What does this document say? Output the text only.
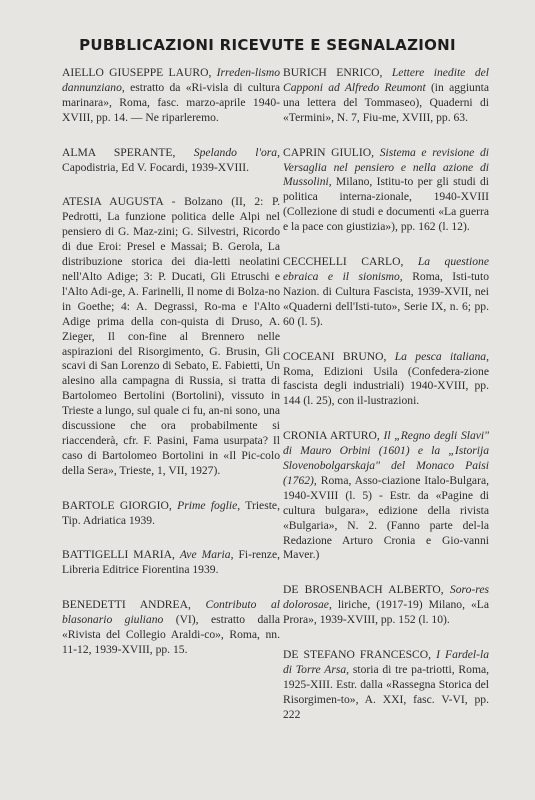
PUBBLICAZIONI RICEVUTE E SEGNALAZIONI

AIELLO GIUSEPPE LAURO, Irreden-lismo dannunziano, estratto da «Ri-visla di cultura marinara», Roma, fasc. marzo-aprile 1940-XVIII, pp. 14. — Ne riparleremo.

ALMA SPERANTE, Spelando l'ora, Capodistria, Ed V. Focardi, 1939-XVIII.

ATESIA AUGUSTA - Bolzano (II, 2: P. Pedrotti, La funzione politica delle Alpi nel pensiero di G. Maz-zini; G. Silvestri, Ricordo di due Eroi: Presel e Massai; B. Gerola, La distribuzione storica dei dia-letti neolatini nell'Alto Adige; 3: P. Ducati, Gli Etruschi e l'Alto Adi-ge, A. Farinelli, Il nome di Bolza-no in Goethe; 4: A. Degrassi, Ro-ma e l'Alto Adige prima della con-quista di Druso, A. Zieger, Il con-fine al Brennero nelle aspirazioni del Risorgimento, G. Brusin, Gli scavi di San Lorenzo di Sebato, E. Fabietti, Un alesino alla campagna di Russia, si tratta di Bartolomeo Bertolini (Bortolini), vissuto in Trieste a lungo, sul quale ci fu, an-ni sono, una discussione che ora probabilmente si riaccenderà, cfr. F. Pasini, Fama usurpata? Il caso di Bartolomeo Bortolini in «Il Pic-colo della Sera», Trieste, 1, VII, 1927).

BARTOLE GIORGIO, Prime foglie, Trieste, Tip. Adriatica 1939.

BATTIGELLI MARIA, Ave Maria, Fi-renze, Libreria Editrice Fiorentina 1939.

BENEDETTI ANDREA, Contributo al blasonario giuliano (VI), estratto dalla «Rivista del Collegio Araldi-co», Roma, nn. 11-12, 1939-XVIII, pp. 15.

BURICH ENRICO, Lettere inedite del Capponi ad Alfredo Reumont (in aggiunta una lettera del Tommaseo), Quaderni di «Termini», N. 7, Fiu-me, XVIII, pp. 63.

CAPRIN GIULIO, Sistema e revisione di Versaglia nel pensiero e nella azione di Mussolini, Milano, Istitu-to per gli studi di politica interna-zionale, 1940-XVIII (Collezione di studi e documenti «La guerra e la pace con giustizia»), pp. 162 (l. 12).

CECCHELLI CARLO, La questione ebraica e il sionismo, Roma, Isti-tuto Nazion. di Cultura Fascista, 1939-XVII, nei «Quaderni dell'Isti-tuto», Serie IX, n. 6; pp. 60 (l. 5).

COCEANI BRUNO, La pesca italiana, Roma, Edizioni Usila (Confedera-zione fascista degli industriali) 1940-XVIII, pp. 144 (l. 25), con il-lustrazioni.

CRONIA ARTURO, Il „Regno degli Slavi" di Mauro Orbini (1601) e la „Istorija Slovenobolgarskaja" del Monaco Paisi (1762), Roma, Asso-ciazione Italo-Bulgara, 1940-XVIII (l. 5) - Estr. da «Pagine di cultura bulgara», edizione della rivista «Bulgaria», N. 2. (Fanno parte del-la Redazione Arturo Cronia e Gio-vanni Maver.)

DE BROSENBACH ALBERTO, Soro-res dolorosae, liriche, (1917-19) Milano, «La Prora», 1939-XVIII, pp. 152 (l. 10).

DE STEFANO FRANCESCO, I Fardel-la di Torre Arsa, storia di tre pa-triotti, Roma, 1925-XIII. Estr. dalla «Rassegna Storica del Risorgimen-to», A. XXI, fasc. V-VI, pp. 222
